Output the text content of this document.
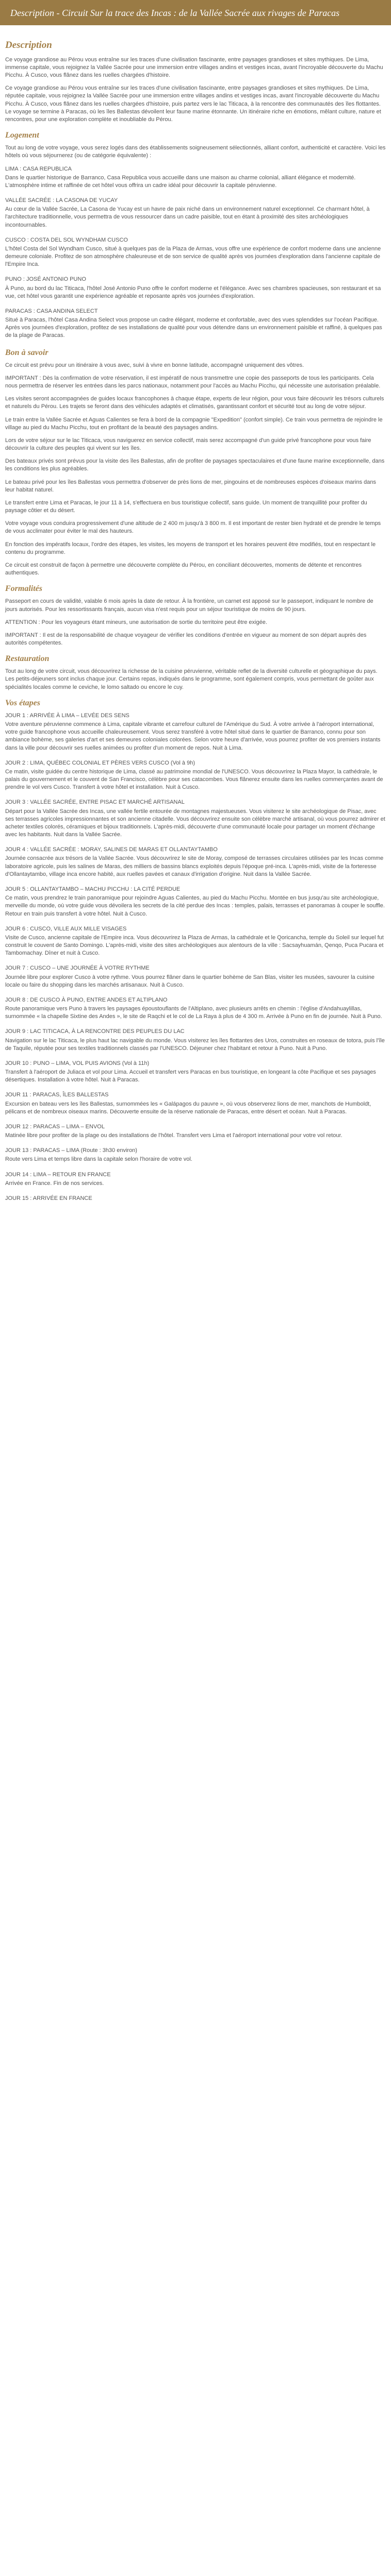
Description - Circuit Sur la trace des Incas : de la Vallée Sacrée aux rivages de Paracas
Description

Ce voyage grandiose au Pérou vous entraîne sur les traces d'une civilisation fascinante, entre paysages grandioses et sites mythiques. De Lima, immense capitale, vous rejoignez la Vallée Sacrée pour une immersion entre villages andins et vestiges incas, avant l'incroyable découverte du Machu Picchu. À Cusco, vous flânez dans les ruelles chargées d'histoire.

Ce voyage grandiose au Pérou vous entraîne sur les traces d'une civilisation fascinante, entre paysages grandioses et sites mythiques. De Lima, réputée capitale, vous rejoignez la Vallée Sacrée pour une immersion entre villages andins et vestiges incas, avant l'incroyable découverte du Machu Picchu. À Cusco, vous flânez dans les ruelles chargées d'histoire, puis partez vers le lac Titicaca, à la rencontre des communautés des îles flottantes. Le voyage se termine à Paracas, où les îles Ballestas dévoilent leur faune marine étonnante. Un itinéraire riche en émotions, mêlant culture, nature et rencontres, pour une exploration complète et inoubliable du Pérou.

Logement

Tout au long de votre voyage, vous serez logés dans des établissements soigneusement sélectionnés, alliant confort, authenticité et caractère. Voici les hôtels où vous séjournerez (ou de catégorie équivalente) :

LIMA : CASA REPUBLICA

Dans le quartier historique de Barranco, Casa Republica vous accueille dans une maison au charme colonial, alliant élégance et modernité. L'atmosphère intime et raffinée de cet hôtel vous offrira un cadre idéal pour découvrir la capitale péruvienne.

VALLÉE SACRÉE : LA CASONA DE YUCAY

Au cœur de la Vallée Sacrée, La Casona de Yucay est un havre de paix niché dans un environnement naturel exceptionnel. Ce charmant hôtel, à l'architecture traditionnelle, vous permettra de vous ressourcer dans un cadre paisible, tout en étant à proximité des sites archéologiques incontournables.

CUSCO : COSTA DEL SOL WYNDHAM CUSCO

L'hôtel Costa del Sol Wyndham Cusco, situé à quelques pas de la Plaza de Armas, vous offre une expérience de confort moderne dans une ancienne demeure coloniale. Profitez de son atmosphère chaleureuse et de son service de qualité après vos journées d'exploration dans l'ancienne capitale de l'Empire Inca.

PUNO : JOSÉ ANTONIO PUNO

À Puno, au bord du lac Titicaca, l'hôtel José Antonio Puno offre le confort moderne et l'élégance. Avec ses chambres spacieuses, son restaurant et sa vue, cet hôtel vous garantit une expérience agréable et reposante après vos journées d'exploration.

PARACAS : CASA ANDINA SELECT

Situé à Paracas, l'hôtel Casa Andina Select vous propose un cadre élégant, moderne et confortable, avec des vues splendides sur l'océan Pacifique. Après vos journées d'exploration, profitez de ses installations de qualité pour vous détendre dans un environnement paisible et raffiné, à quelques pas de la plage de Paracas.

Bon à savoir

Ce circuit est prévu pour un itinéraire à vous avec, suivi à vivre en bonne latitude, accompagné uniquement des vôtres.

IMPORTANT : Dès la confirmation de votre réservation, il est impératif de nous transmettre une copie des passeports de tous les participants. Cela nous permettra de réserver les entrées dans les parcs nationaux, notamment pour l'accès au Machu Picchu, qui nécessite une autorisation préalable.

Les visites seront accompagnées de guides locaux francophones à chaque étape, experts de leur région, pour vous faire découvrir les trésors culturels et naturels du Pérou. Les trajets se feront dans des véhicules adaptés et climatisés, garantissant confort et sécurité tout au long de votre séjour.

Le train entre la Vallée Sacrée et Aguas Calientes se fera à bord de la compagnie "Expedition" (confort simple). Ce train vous permettra de rejoindre le village au pied du Machu Picchu, tout en profitant de la beauté des paysages andins.

Lors de votre séjour sur le lac Titicaca, vous naviguerez en service collectif, mais serez accompagné d'un guide privé francophone pour vous faire découvrir la culture des peuples qui vivent sur les îles.

Des bateaux privés sont prévus pour la visite des îles Ballestas, afin de profiter de paysages spectaculaires et d'une faune marine exceptionnelle, dans les conditions les plus agréables.

Le bateau privé pour les îles Ballestas vous permettra d'observer de près lions de mer, pingouins et de nombreuses espèces d'oiseaux marins dans leur habitat naturel.

Le transfert entre Lima et Paracas, le jour 11 à 14, s'effectuera en bus touristique collectif, sans guide. Un moment de tranquillité pour profiter du paysage côtier et du désert.

Votre voyage vous conduira progressivement d'une altitude de 2 400 m jusqu'à 3 800 m. Il est important de rester bien hydraté et de prendre le temps de vous acclimater pour éviter le mal des hauteurs.

En fonction des impératifs locaux, l'ordre des étapes, les visites, les moyens de transport et les horaires peuvent être modifiés, tout en respectant le contenu du programme.

Ce circuit est construit de façon à permettre une découverte complète du Pérou, en conciliant découvertes, moments de détente et rencontres authentiques.

Formalités

Passeport en cours de validité, valable 6 mois après la date de retour. À la frontière, un carnet est apposé sur le passeport, indiquant le nombre de jours autorisés. Pour les ressortissants français, aucun visa n'est requis pour un séjour touristique de moins de 90 jours.

ATTENTION : Pour les voyageurs étant mineurs, une autorisation de sortie du territoire peut être exigée.

IMPORTANT : Il est de la responsabilité de chaque voyageur de vérifier les conditions d'entrée en vigueur au moment de son départ auprès des autorités compétentes.

Restauration

Tout au long de votre circuit, vous découvrirez la richesse de la cuisine péruvienne, véritable reflet de la diversité culturelle et géographique du pays. Les petits-déjeuners sont inclus chaque jour. Certains repas, indiqués dans le programme, sont également compris, vous permettant de goûter aux spécialités locales comme le ceviche, le lomo saltado ou encore le cuy.

Vos étapes

JOUR 1 : ARRIVÉE À LIMA – LEVÉE DES SENS

Votre aventure péruvienne commence à Lima, capitale vibrante et carrefour culturel de l'Amérique du Sud. À votre arrivée à l'aéroport international, votre guide francophone vous accueille chaleureusement. Vous serez transféré à votre hôtel situé dans le quartier de Barranco, connu pour son ambiance bohème, ses galeries d'art et ses demeures coloniales colorées. Selon votre heure d'arrivée, vous pourrez profiter de vos premiers instants dans la ville pour découvrir ses ruelles animées ou profiter d'un moment de repos. Nuit à Lima.

JOUR 2 : LIMA, QUÉBEC COLONIAL ET PÈRES VERS CUSCO (Vol à 9h)

Ce matin, visite guidée du centre historique de Lima, classé au patrimoine mondial de l'UNESCO. Vous découvrirez la Plaza Mayor, la cathédrale, le palais du gouvernement et le couvent de San Francisco, célèbre pour ses catacombes. Vous flânerez ensuite dans les ruelles commerçantes avant de prendre le vol vers Cusco. Transfert à votre hôtel et installation. Nuit à Cusco.

JOUR 3 : VALLÉE SACRÉE, ENTRE PISAC ET MARCHÉ ARTISANAL

Départ pour la Vallée Sacrée des Incas, une vallée fertile entourée de montagnes majestueuses. Vous visiterez le site archéologique de Pisac, avec ses terrasses agricoles impressionnantes et son ancienne citadelle. Vous découvrirez ensuite son célèbre marché artisanal, où vous pourrez admirer et acheter textiles colorés, céramiques et bijoux traditionnels. L'après-midi, découverte d'une communauté locale pour partager un moment d'échange avec les habitants. Nuit dans la Vallée Sacrée.

JOUR 4 : VALLÉE SACRÉE : MORAY, SALINES DE MARAS ET OLLANTAYTAMBO

Journée consacrée aux trésors de la Vallée Sacrée. Vous découvrirez le site de Moray, composé de terrasses circulaires utilisées par les Incas comme laboratoire agricole, puis les salines de Maras, des milliers de bassins blancs exploités depuis l'époque pré-inca. L'après-midi, visite de la forteresse d'Ollantaytambo, village inca encore habité, aux ruelles pavées et canaux d'irrigation d'origine. Nuit dans la Vallée Sacrée.

JOUR 5 : OLLANTAYTAMBO – MACHU PICCHU : LA CITÉ PERDUE

Ce matin, vous prendrez le train panoramique pour rejoindre Aguas Calientes, au pied du Machu Picchu. Montée en bus jusqu'au site archéologique, merveille du monde, où votre guide vous dévoilera les secrets de la cité perdue des Incas : temples, palais, terrasses et panoramas à couper le souffle. Retour en train puis transfert à votre hôtel. Nuit à Cusco.

JOUR 6 : CUSCO, VILLE AUX MILLE VISAGES

Visite de Cusco, ancienne capitale de l'Empire inca. Vous découvrirez la Plaza de Armas, la cathédrale et le Qoricancha, temple du Soleil sur lequel fut construit le couvent de Santo Domingo. L'après-midi, visite des sites archéologiques aux alentours de la ville : Sacsayhuamán, Qenqo, Puca Pucara et Tambomachay. Dîner et nuit à Cusco.

JOUR 7 : CUSCO – UNE JOURNÉE À VOTRE RYTHME

Journée libre pour explorer Cusco à votre rythme. Vous pourrez flâner dans le quartier bohème de San Blas, visiter les musées, savourer la cuisine locale ou faire du shopping dans les marchés artisanaux. Nuit à Cusco.

JOUR 8 : DE CUSCO À PUNO, ENTRE ANDES ET ALTIPLANO

Route panoramique vers Puno à travers les paysages époustouflants de l'Altiplano, avec plusieurs arrêts en chemin : l'église d'Andahuaylillas, surnommée « la chapelle Sixtine des Andes », le site de Raqchi et le col de La Raya à plus de 4 300 m. Arrivée à Puno en fin de journée. Nuit à Puno.

JOUR 9 : LAC TITICACA, À LA RENCONTRE DES PEUPLES DU LAC

Navigation sur le lac Titicaca, le plus haut lac navigable du monde. Vous visiterez les îles flottantes des Uros, construites en roseaux de totora, puis l'île de Taquile, réputée pour ses textiles traditionnels classés par l'UNESCO. Déjeuner chez l'habitant et retour à Puno. Nuit à Puno.

JOUR 10 : PUNO – LIMA, VOL PUIS AVIONS (Vol à 11h)

Transfert à l'aéroport de Juliaca et vol pour Lima. Accueil et transfert vers Paracas en bus touristique, en longeant la côte Pacifique et ses paysages désertiques. Installation à votre hôtel. Nuit à Paracas.

JOUR 11 : PARACAS, ÎLES BALLESTAS

Excursion en bateau vers les îles Ballestas, surnommées les « Galápagos du pauvre », où vous observerez lions de mer, manchots de Humboldt, pélicans et de nombreux oiseaux marins. Découverte ensuite de la réserve nationale de Paracas, entre désert et océan. Nuit à Paracas.

JOUR 12 : PARACAS – LIMA – ENVOL

Matinée libre pour profiter de la plage ou des installations de l'hôtel. Transfert vers Lima et l'aéroport international pour votre vol retour.

JOUR 13 : PARACAS – LIMA (Route : 3h30 environ)

Route vers Lima et temps libre dans la capitale selon l'horaire de votre vol.

JOUR 14 : LIMA – RETOUR EN FRANCE

Arrivée en France. Fin de nos services.

JOUR 15 : ARRIVÉE EN FRANCE
